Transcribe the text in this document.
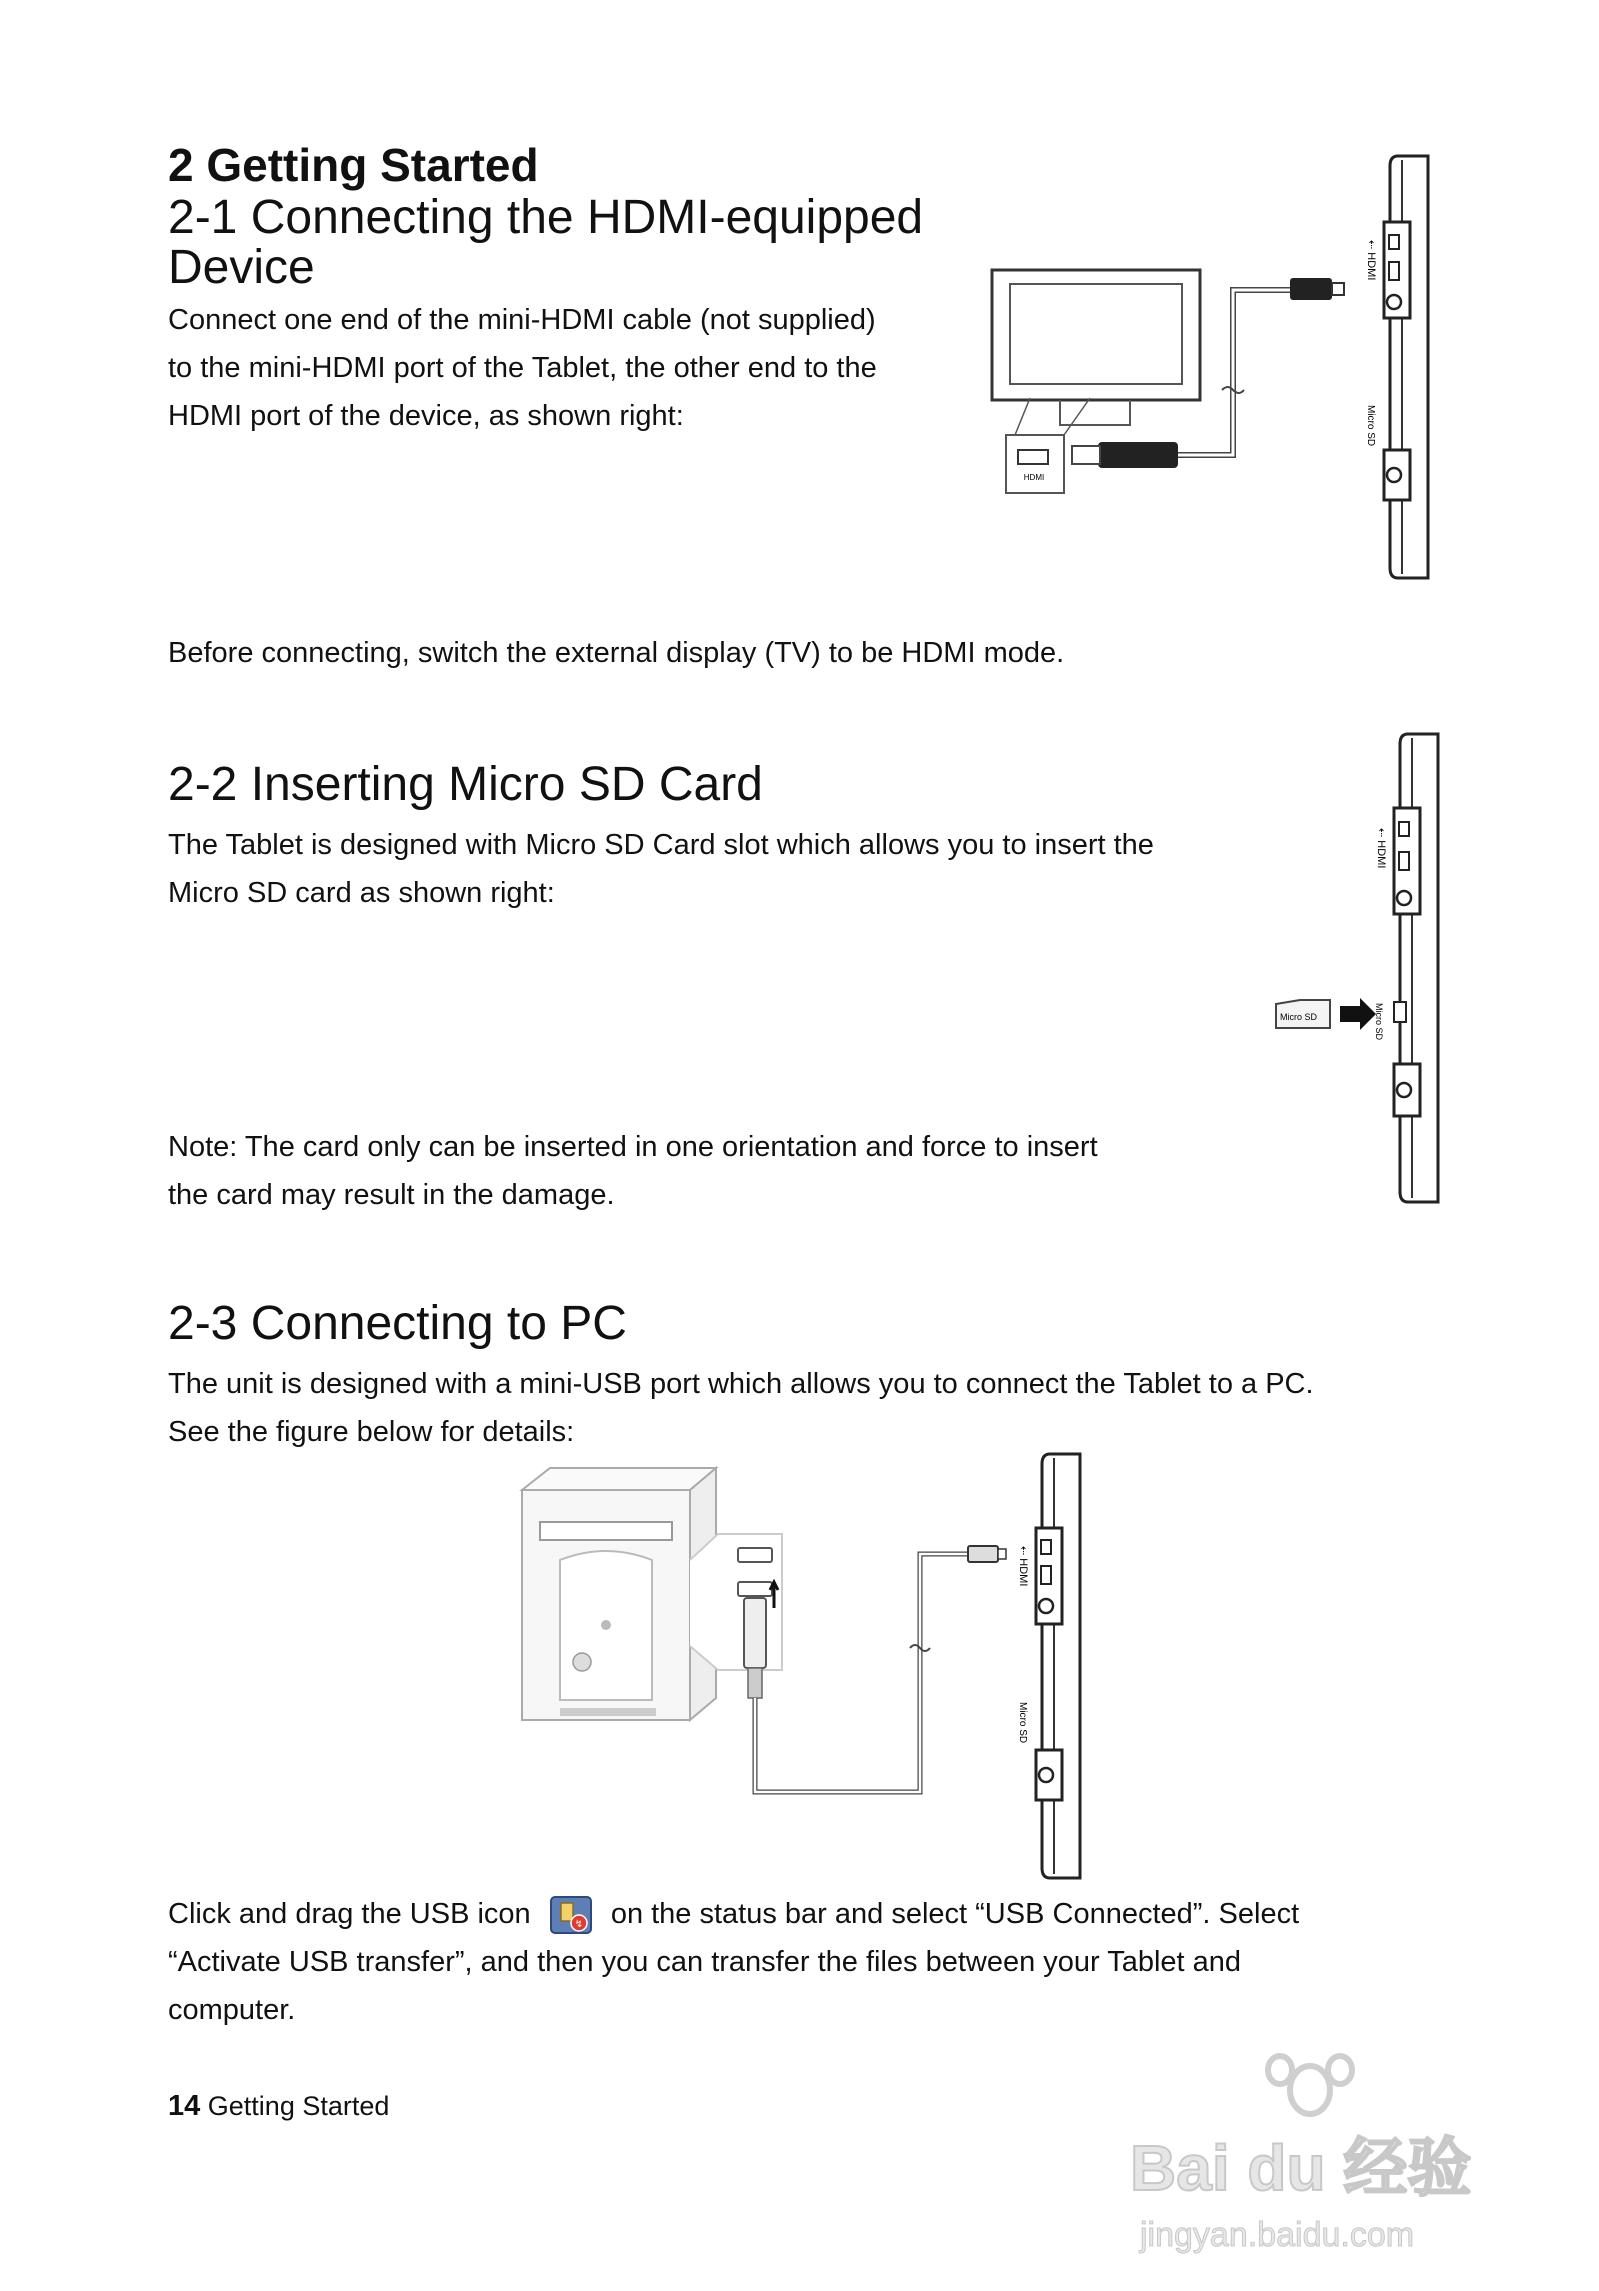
2 Getting Started
2-1 Connecting the HDMI-equipped
Device

Connect one end of the mini-HDMI cable (not supplied)

to the mini-HDMI port of the Tablet, the other end to the

HDMI port of the device, as shown right:

Before connecting, switch the external display (TV) to be HDMI mode.
HDMI
⇠ HDMI
Micro SD
2-2 Inserting Micro SD Card

The Tablet is designed with Micro SD Card slot which allows you to insert the

Micro SD card as shown right:

Note: The card only can be inserted in one orientation and force to insert

the card may result in the damage.

⇠ HDMI
Micro SD
Micro SD
2-3 Connecting to PC

The unit is designed with a mini-USB port which allows you to connect the Tablet to a PC.

See the figure below for details:

⇠ HDMI
Micro SD

Click and drag the USB icon	↯ on the status bar and select “USB Connected”. Select

“Activate USB transfer”, and then you can transfer the files between your Tablet and

computer.

14 Getting Started
Bai du 经验
jingyan.baidu.com
